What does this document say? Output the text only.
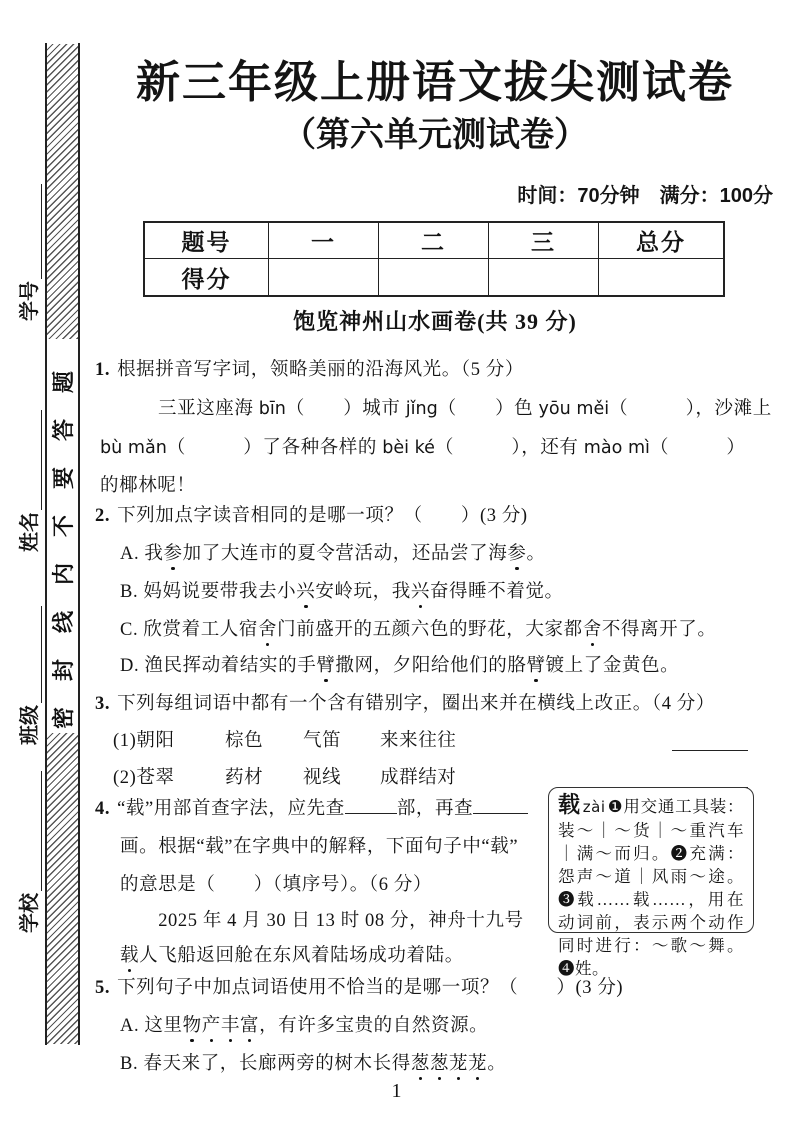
密封线内不要答题
学号
姓名
班级
学校
新三年级上册语文拔尖测试卷
（第六单元测试卷）
时间：70分钟　满分：100分
题号	一	二	三	总分
得分
饱览神州山水画卷(共 39 分)
1. 根据拼音写字词，领略美丽的沿海风光。（5 分）
三亚这座海 bīn（　　）城市 jǐng（　　）色 yōu měi（　　　），沙滩上
bù mǎn（　　　）了各种各样的 bèi ké（　　　），还有 mào mì（　　　）
的椰林呢！
2. 下列加点字读音相同的是哪一项？（　　）(3 分)
A. 我参加了大连市的夏令营活动，还品尝了海参。
B. 妈妈说要带我去小兴安岭玩，我兴奋得睡不着觉。
C. 欣赏着工人宿舍门前盛开的五颜六色的野花，大家都舍不得离开了。
D. 渔民挥动着结实的手臂撒网，夕阳给他们的胳臂镀上了金黄色。
3. 下列每组词语中都有一个含有错别字，圈出来并在横线上改正。（4 分）
(1)朝阳	棕色 气笛 来来往往
(2)苍翠	药材 视线 成群结对
4. “载”用部首查字法，应先查	部，再查
画。根据“载”在字典中的解释，下面句子中“载”
的意思是（　　）（填序号）。（6 分）
　　2025 年 4 月 30 日 13 时 08 分，神舟十九号
载人飞船返回舱在东风着陆场成功着陆。
载 zài ❶用交通工具装：装～｜～货｜～重汽车｜满～而归。❷充满：怨声～道｜风雨～途。❸载……载……，用在动词前，表示两个动作同时进行：～歌～舞。❹姓。
5. 下列句子中加点词语使用不恰当的是哪一项？（　　）(3 分)
A. 这里物产丰富，有许多宝贵的自然资源。
B. 春天来了，长廊两旁的树木长得葱葱茏茏。
1
